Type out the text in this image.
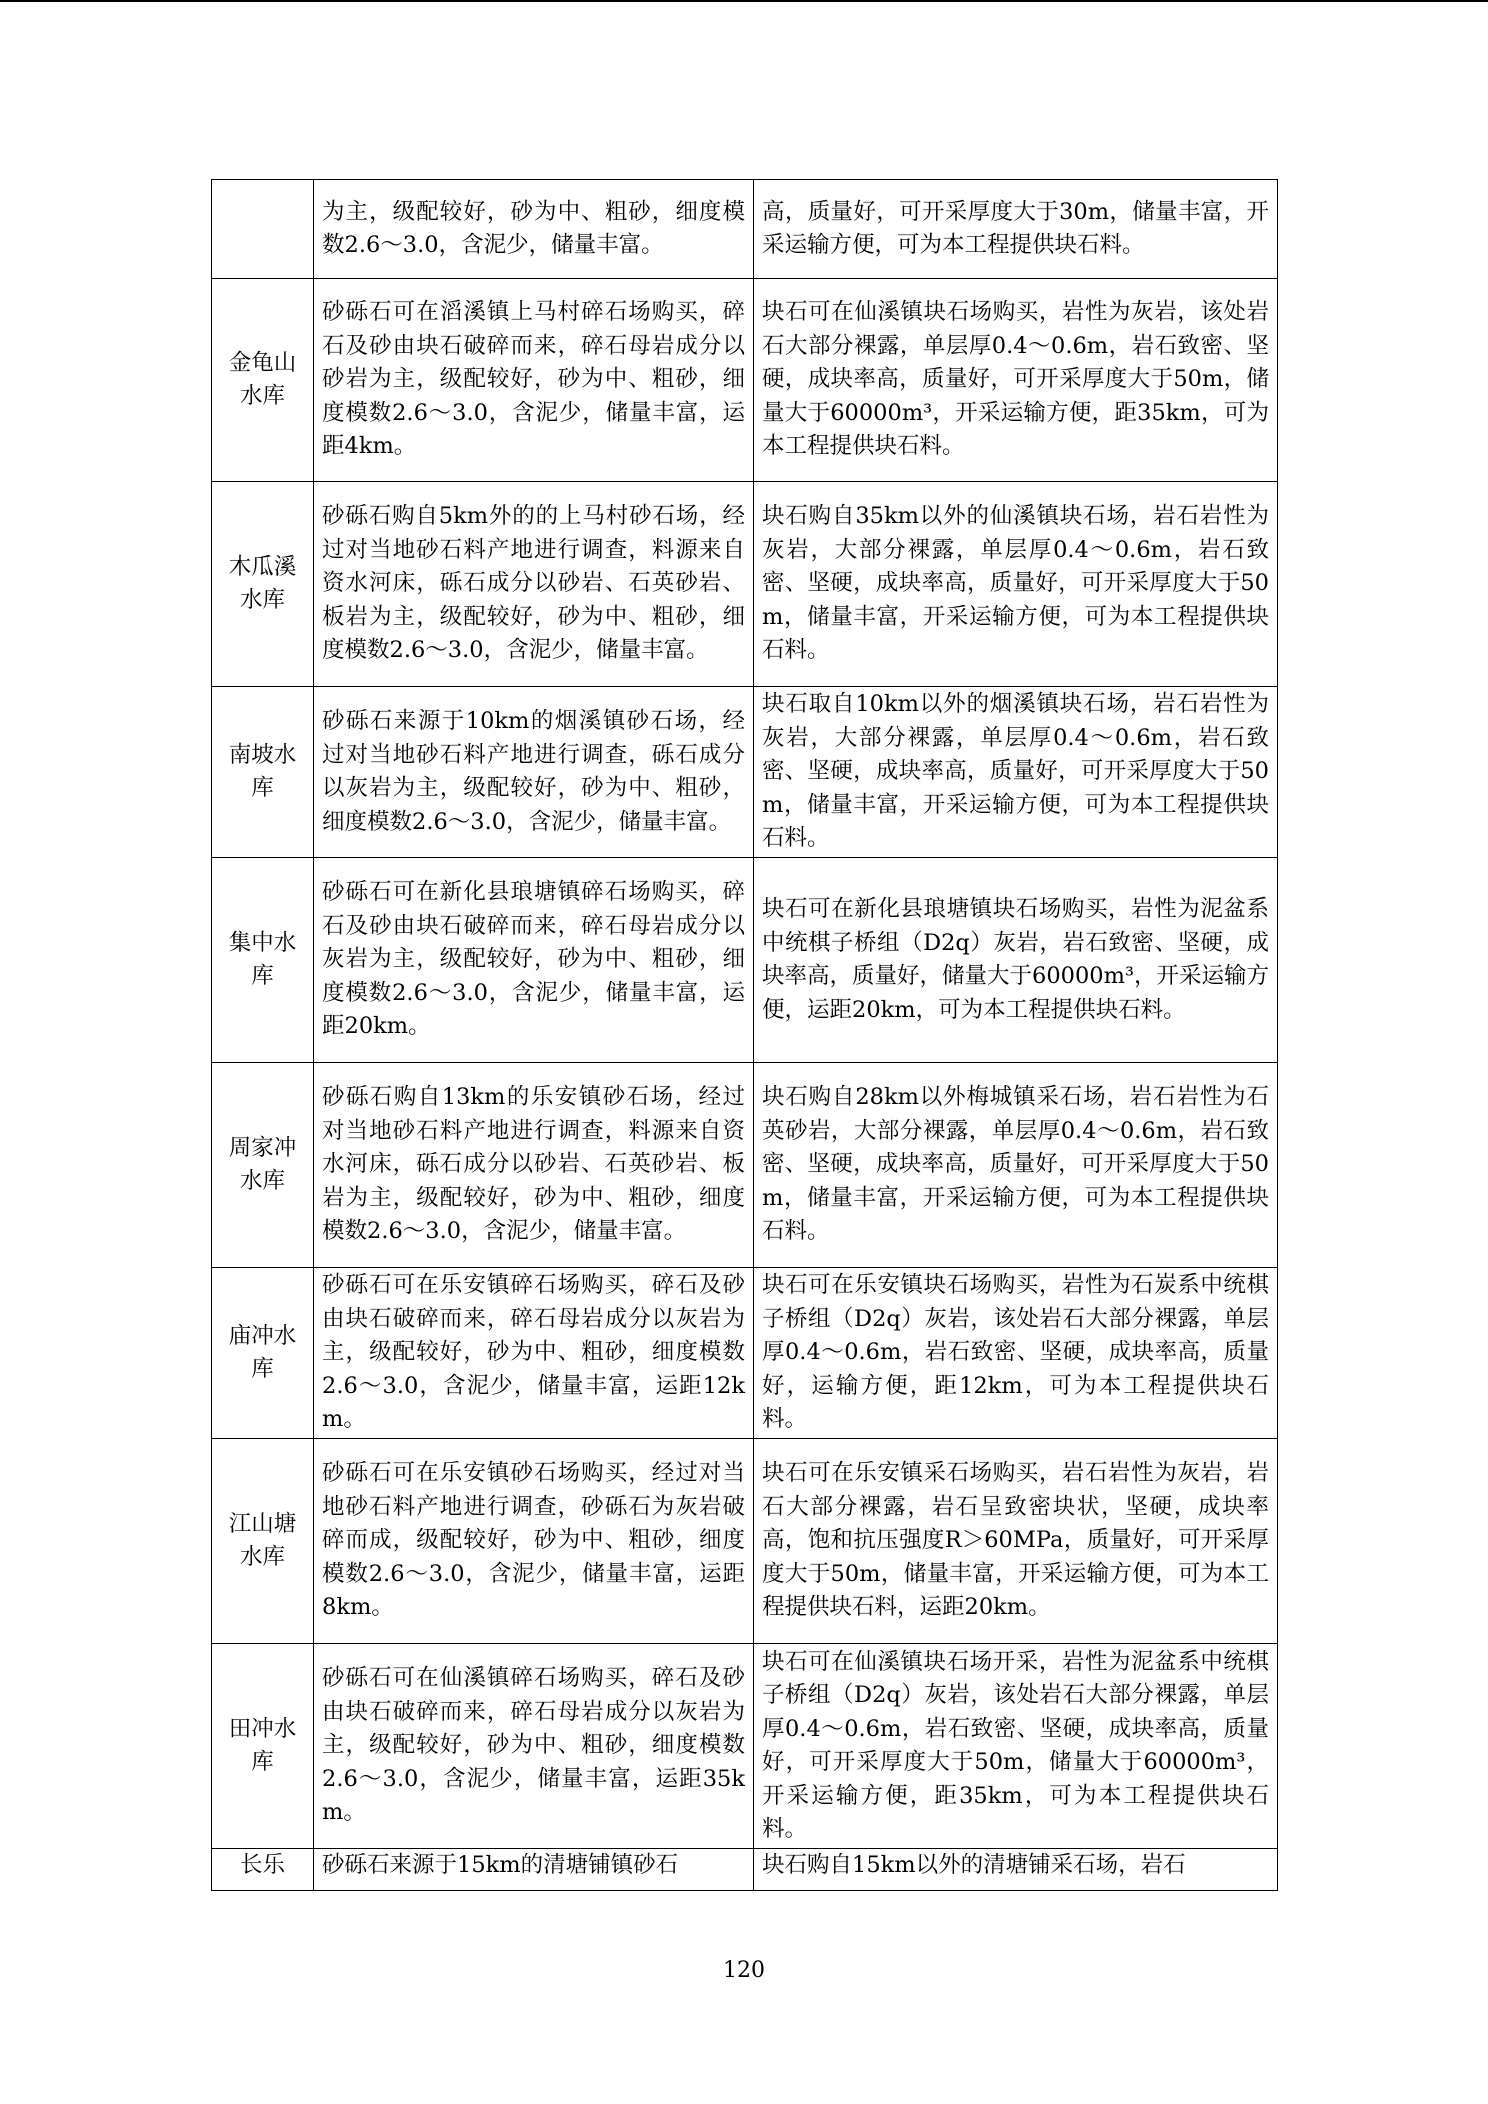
	为主，级配较好，砂为中、粗砂，细度模数2.6～3.0，含泥少，储量丰富。	高，质量好，可开采厚度大于30m，储量丰富，开采运输方便，可为本工程提供块石料。
金龟山水库	砂砾石可在滔溪镇上马村碎石场购买，碎石及砂由块石破碎而来，碎石母岩成分以砂岩为主，级配较好，砂为中、粗砂，细度模数2.6～3.0，含泥少，储量丰富，运距4km。	块石可在仙溪镇块石场购买，岩性为灰岩，该处岩石大部分裸露，单层厚0.4～0.6m，岩石致密、坚硬，成块率高，质量好，可开采厚度大于50m，储量大于60000m³，开采运输方便，距35km，可为本工程提供块石料。
木瓜溪水库	砂砾石购自5km外的的上马村砂石场，经过对当地砂石料产地进行调查，料源来自资水河床，砾石成分以砂岩、石英砂岩、板岩为主，级配较好，砂为中、粗砂，细度模数2.6～3.0，含泥少，储量丰富。	块石购自35km以外的仙溪镇块石场，岩石岩性为灰岩，大部分裸露，单层厚0.4～0.6m，岩石致密、坚硬，成块率高，质量好，可开采厚度大于50m，储量丰富，开采运输方便，可为本工程提供块石料。
南坡水库	砂砾石来源于10km的烟溪镇砂石场，经过对当地砂石料产地进行调查，砾石成分以灰岩为主，级配较好，砂为中、粗砂，细度模数2.6～3.0，含泥少，储量丰富。	块石取自10km以外的烟溪镇块石场，岩石岩性为灰岩，大部分裸露，单层厚0.4～0.6m，岩石致密、坚硬，成块率高，质量好，可开采厚度大于50m，储量丰富，开采运输方便，可为本工程提供块石料。
集中水库	砂砾石可在新化县琅塘镇碎石场购买，碎石及砂由块石破碎而来，碎石母岩成分以灰岩为主，级配较好，砂为中、粗砂，细度模数2.6～3.0，含泥少，储量丰富，运距20km。	块石可在新化县琅塘镇块石场购买，岩性为泥盆系中统棋子桥组（D2q）灰岩，岩石致密、坚硬，成块率高，质量好，储量大于60000m³，开采运输方便，运距20km，可为本工程提供块石料。
周家冲水库	砂砾石购自13km的乐安镇砂石场，经过对当地砂石料产地进行调查，料源来自资水河床，砾石成分以砂岩、石英砂岩、板岩为主，级配较好，砂为中、粗砂，细度模数2.6～3.0，含泥少，储量丰富。	块石购自28km以外梅城镇采石场，岩石岩性为石英砂岩，大部分裸露，单层厚0.4～0.6m，岩石致密、坚硬，成块率高，质量好，可开采厚度大于50m，储量丰富，开采运输方便，可为本工程提供块石料。
庙冲水库	砂砾石可在乐安镇碎石场购买，碎石及砂由块石破碎而来，碎石母岩成分以灰岩为主，级配较好，砂为中、粗砂，细度模数2.6～3.0，含泥少，储量丰富，运距12km。	块石可在乐安镇块石场购买，岩性为石炭系中统棋子桥组（D2q）灰岩，该处岩石大部分裸露，单层厚0.4～0.6m，岩石致密、坚硬，成块率高，质量好，运输方便，距12km，可为本工程提供块石料。
江山塘水库	砂砾石可在乐安镇砂石场购买，经过对当地砂石料产地进行调查，砂砾石为灰岩破碎而成，级配较好，砂为中、粗砂，细度模数2.6～3.0，含泥少，储量丰富，运距8km。	块石可在乐安镇采石场购买，岩石岩性为灰岩，岩石大部分裸露，岩石呈致密块状，坚硬，成块率高，饱和抗压强度R＞60MPa，质量好，可开采厚度大于50m，储量丰富，开采运输方便，可为本工程提供块石料，运距20km。
田冲水库	砂砾石可在仙溪镇碎石场购买，碎石及砂由块石破碎而来，碎石母岩成分以灰岩为主，级配较好，砂为中、粗砂，细度模数2.6～3.0，含泥少，储量丰富，运距35km。	块石可在仙溪镇块石场开采，岩性为泥盆系中统棋子桥组（D2q）灰岩，该处岩石大部分裸露，单层厚0.4～0.6m，岩石致密、坚硬，成块率高，质量好，可开采厚度大于50m，储量大于60000m³，开采运输方便，距35km，可为本工程提供块石料。
长乐	砂砾石来源于15km的清塘铺镇砂石	块石购自15km以外的清塘铺采石场，岩石
120
